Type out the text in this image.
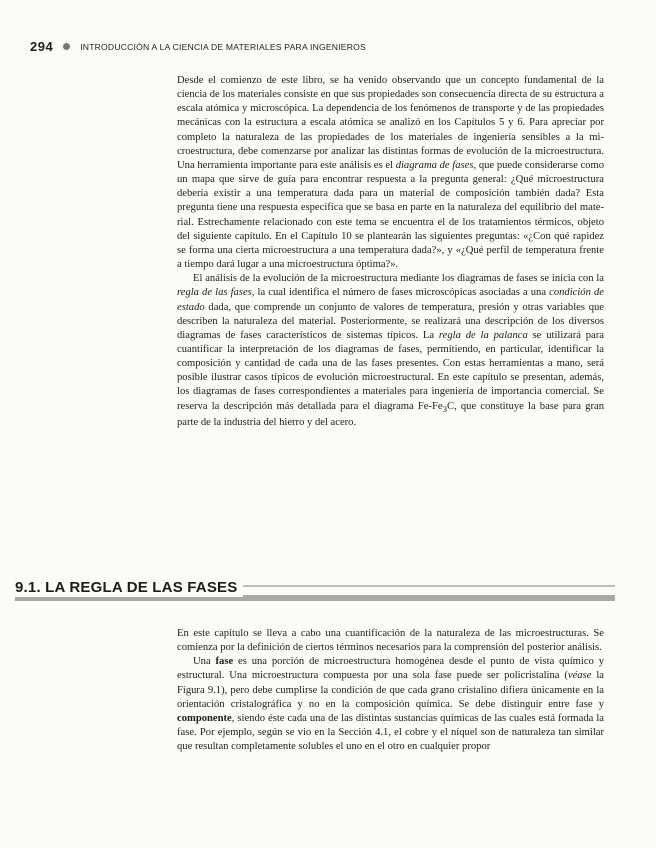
294	INTRODUCCIÓN A LA CIENCIA DE MATERIALES PARA INGENIEROS

Desde el comienzo de este libro, se ha venido observando que un concepto fundamental de la ciencia de los materiales consiste en que sus propiedades son consecuencia directa de su estructura a escala atómica y microscópica. La dependencia de los fenómenos de transporte y de las propiedades mecánicas con la estructura a escala atómica se analizó en los Capítulos 5 y 6. Para apreciar por completo la naturaleza de las propiedades de los materiales de ingeniería sensibles a la microestructura, debe comenzarse por analizar las distintas formas de evolución de la microestructura. Una herramienta importante para este análisis es el diagrama de fases, que puede considerarse como un mapa que sirve de guía para encontrar respuesta a la pregunta general: ¿Qué microestructura debería existir a una temperatura dada para un material de composición también dada? Esta pregunta tiene una respuesta específica que se basa en parte en la naturaleza del equilibrio del material. Estrechamente relacionado con este tema se encuentra el de los tratamientos térmicos, objeto del siguiente capítulo. En el Capítulo 10 se plantearán las siguientes preguntas: «¿Con qué rapidez se forma una cierta microestructura a una temperatura dada?», y «¿Qué perfil de temperatura frente a tiempo dará lugar a una microestructura óptima?».

El análisis de la evolución de la microestructura mediante los diagramas de fases se inicia con la regla de las fases, la cual identifica el número de fases microscópicas asociadas a una condición de estado dada, que comprende un conjunto de valores de temperatura, presión y otras variables que describen la naturaleza del material. Posteriormente, se realizará una descripción de los diversos diagramas de fases característicos de sistemas típicos. La regla de la palanca se utilizará para cuantificar la interpretación de los diagramas de fases, permitiendo, en particular, identificar la composición y cantidad de cada una de las fases presentes. Con estas herramientas a mano, será posible ilustrar casos típicos de evolución microestructural. En este capítulo se presentan, además, los diagramas de fases correspondientes a materiales para ingeniería de importancia comercial. Se reserva la descripción más detallada para el diagrama $Fe-Fe_3C$, que constituye la base para gran parte de la industria del hierro y del acero.

9.1. LA REGLA DE LAS FASES

En este capítulo se lleva a cabo una cuantificación de la naturaleza de las microestructuras. Se comienza por la definición de ciertos términos necesarios para la comprensión del posterior análisis.

Una fase es una porción de microestructura homogénea desde el punto de vista químico y estructural. Una microestructura compuesta por una sola fase puede ser policristalina (véase la Figura 9.1), pero debe cumplirse la condición de que cada grano cristalino difiera únicamente en la orientación cristalográfica y no en la composición química. Se debe distinguir entre fase y componente, siendo éste cada una de las distintas sustancias químicas de las cuales está formada la fase. Por ejemplo, según se vio en la Sección 4.1, el cobre y el níquel son de naturaleza tan similar que resultan completamente solubles el uno en el otro en cualquier propor
